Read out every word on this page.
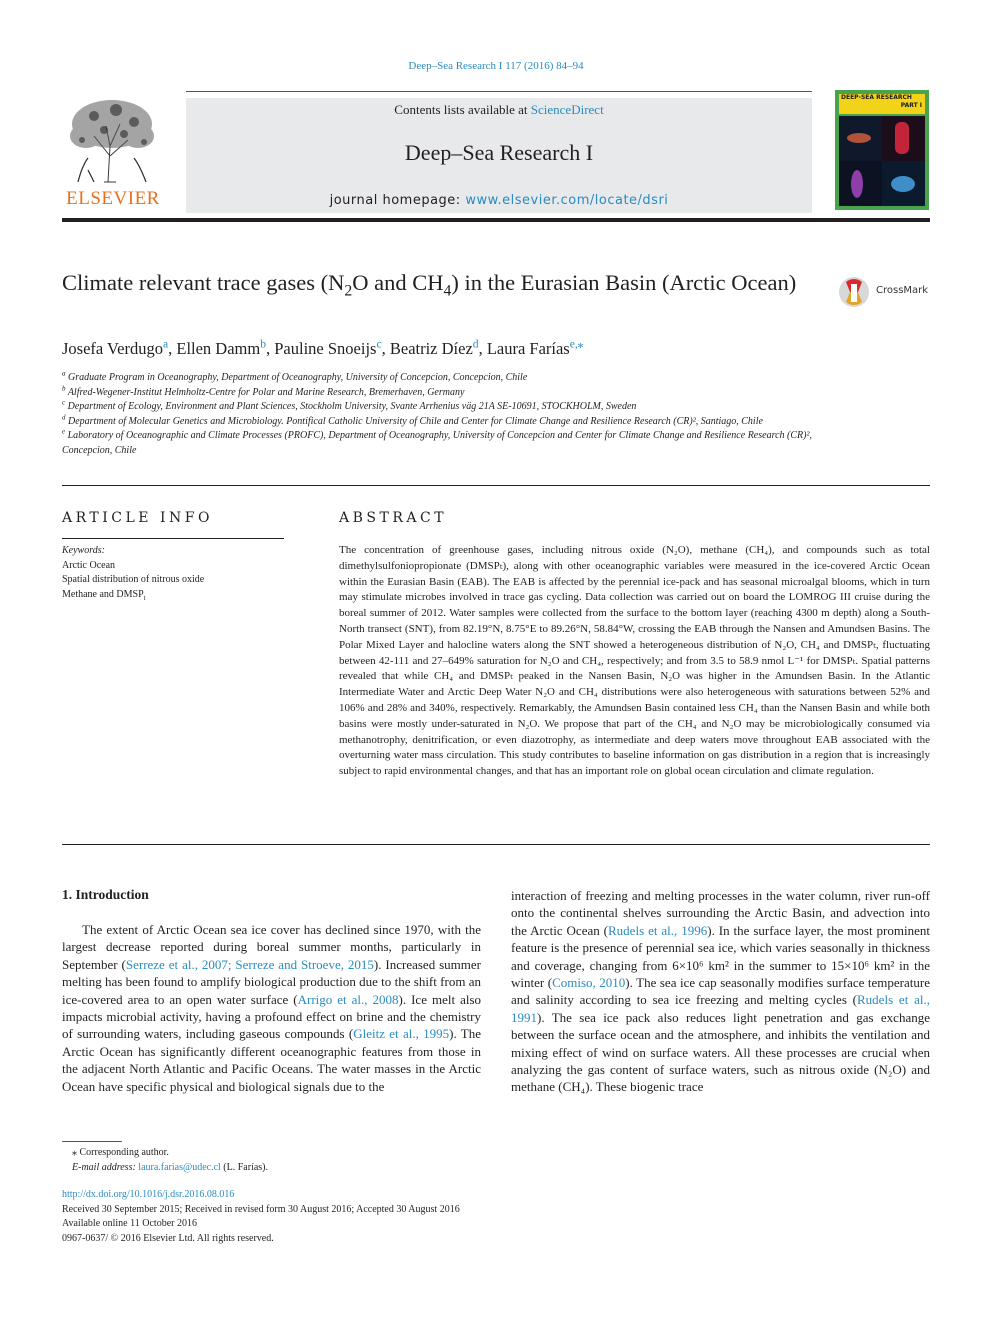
Deep–Sea Research I 117 (2016) 84–94
ELSEVIER
Contents lists available at ScienceDirect
Deep–Sea Research I
journal homepage: www.elsevier.com/locate/dsri
DEEP-SEA RESEARCH
PART I
Climate relevant trace gases ($N_2O$ and $CH_4$) in the Eurasian Basin (Arctic Ocean)	CrossMark
Josefa Verdugo$^a$, Ellen Damm$^b$, Pauline Snoeijs$^c$, Beatriz Díez$^d$, Laura Farías$^{e,⁎}$

$^a$ Graduate Program in Oceanography, Department of Oceanography, University of Concepcion, Concepcion, Chile

$^b$ Alfred-Wegener-Institut Helmholtz-Centre for Polar and Marine Research, Bremerhaven, Germany

$^c$ Department of Ecology, Environment and Plant Sciences, Stockholm University, Svante Arrhenius väg 21A SE-10691, STOCKHOLM, Sweden

$^d$ Department of Molecular Genetics and Microbiology. Pontifical Catholic University of Chile and Center for Climate Change and Resilience Research (CR)², Santiago, Chile

$^e$ Laboratory of Oceanographic and Climate Processes (PROFC), Department of Oceanography, University of Concepcion and Center for Climate Change and Resilience Research (CR)², Concepcion, Chile

ARTICLE INFO
Keywords:
Arctic Ocean
Spatial distribution of nitrous oxide
Methane and $DMSP_t$
ABSTRACT
The concentration of greenhouse gases, including nitrous oxide (N₂O), methane (CH₄), and compounds such as total dimethylsulfoniopropionate (DMSPₜ), along with other oceanographic variables were measured in the ice-covered Arctic Ocean within the Eurasian Basin (EAB). The EAB is affected by the perennial ice-pack and has seasonal microalgal blooms, which in turn may stimulate microbes involved in trace gas cycling. Data collection was carried out on board the LOMROG III cruise during the boreal summer of 2012. Water samples were collected from the surface to the bottom layer (reaching 4300 m depth) along a South-North transect (SNT), from 82.19°N, 8.75°E to 89.26°N, 58.84°W, crossing the EAB through the Nansen and Amundsen Basins. The Polar Mixed Layer and halocline waters along the SNT showed a heterogeneous distribution of N₂O, CH₄ and DMSPₜ, fluctuating between 42-111 and 27–649% saturation for N₂O and CH₄, respectively; and from 3.5 to 58.9 nmol L⁻¹ for DMSPₜ. Spatial patterns revealed that while CH₄ and DMSPₜ peaked in the Nansen Basin, N₂O was higher in the Amundsen Basin. In the Atlantic Intermediate Water and Arctic Deep Water N₂O and CH₄ distributions were also heterogeneous with saturations between 52% and 106% and 28% and 340%, respectively. Remarkably, the Amundsen Basin contained less CH₄ than the Nansen Basin and while both basins were mostly under-saturated in N₂O. We propose that part of the CH₄ and N₂O may be microbiologically consumed via methanotrophy, denitrification, or even diazotrophy, as intermediate and deep waters move throughout EAB associated with the overturning water mass circulation. This study contributes to baseline information on gas distribution in a region that is increasingly subject to rapid environmental changes, and that has an important role on global ocean circulation and climate regulation.
1. Introduction
The extent of Arctic Ocean sea ice cover has declined since 1970, with the largest decrease reported during boreal summer months, particularly in September (Serreze et al., 2007; Serreze and Stroeve, 2015). Increased summer melting has been found to amplify biological production due to the shift from an ice-covered area to an open water surface (Arrigo et al., 2008). Ice melt also impacts microbial activity, having a profound effect on brine and the chemistry of surrounding waters, including gaseous compounds (Gleitz et al., 1995). The Arctic Ocean has significantly different oceanographic features from those in the adjacent North Atlantic and Pacific Oceans. The water masses in the Arctic Ocean have specific physical and biological signals due to the
interaction of freezing and melting processes in the water column, river run-off onto the continental shelves surrounding the Arctic Basin, and advection into the Arctic Ocean (Rudels et al., 1996). In the surface layer, the most prominent feature is the presence of perennial sea ice, which varies seasonally in thickness and coverage, changing from 6×10⁶ km² in the summer to 15×10⁶ km² in the winter (Comiso, 2010). The sea ice cap seasonally modifies surface temperature and salinity according to sea ice freezing and melting cycles (Rudels et al., 1991). The sea ice pack also reduces light penetration and gas exchange between the surface ocean and the atmosphere, and inhibits the ventilation and mixing effect of wind on surface waters. All these processes are crucial when analyzing the gas content of surface waters, such as nitrous oxide (N₂O) and methane (CH₄). These biogenic trace
⁎ Corresponding author.
E-mail address: laura.farias@udec.cl (L. Farías).
http://dx.doi.org/10.1016/j.dsr.2016.08.016
Received 30 September 2015; Received in revised form 30 August 2016; Accepted 30 August 2016
Available online 11 October 2016
0967-0637/ © 2016 Elsevier Ltd. All rights reserved.
